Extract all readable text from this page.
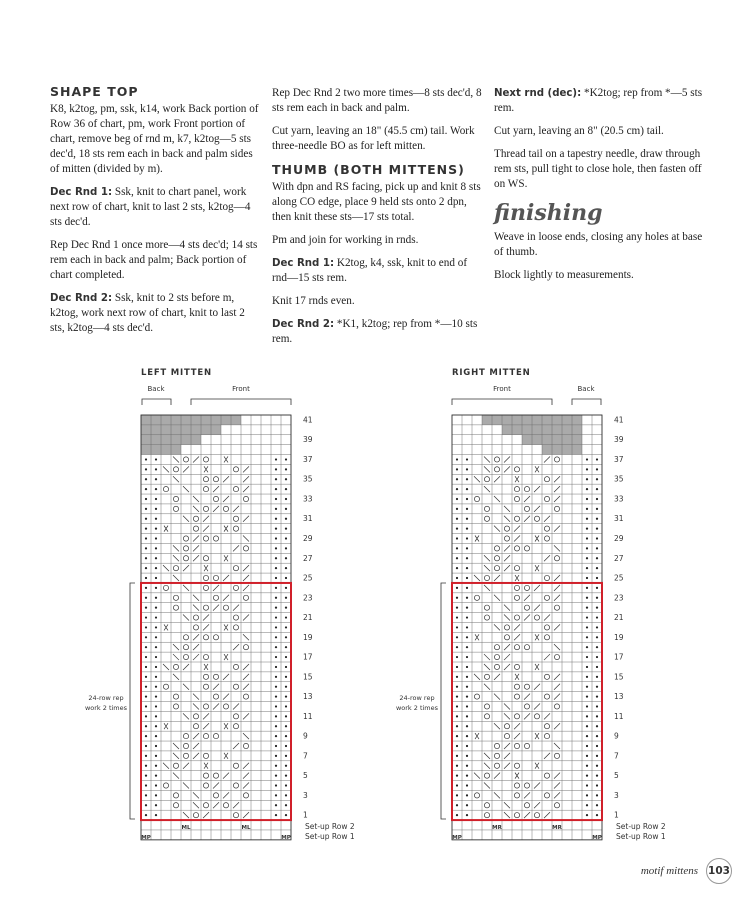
SHAPE TOP

K8, k2tog, pm, ssk, k14, work Back portion of Row 36 of chart, pm, work Front portion of chart, remove beg of rnd m, k7, k2tog—5 sts dec'd, 18 sts rem each in back and palm sides of mitten (divided by m).

Dec Rnd 1: Ssk, knit to chart panel, work next row of chart, knit to last 2 sts, k2tog—4 sts dec'd.

Rep Dec Rnd 1 once more—4 sts dec'd; 14 sts rem each in back and palm; Back portion of chart completed.

Dec Rnd 2: Ssk, knit to 2 sts before m, k2tog, work next row of chart, knit to last 2 sts, k2tog—4 sts dec'd.

Rep Dec Rnd 2 two more times—8 sts dec'd, 8 sts rem each in back and palm.

Cut yarn, leaving an 18" (45.5 cm) tail. Work three-needle BO as for left mitten.

THUMB (BOTH MITTENS)

With dpn and RS facing, pick up and knit 8 sts along CO edge, place 9 held sts onto 2 dpn, then knit these sts—17 sts total.

Pm and join for working in rnds.

Dec Rnd 1: K2tog, k4, ssk, knit to end of rnd—15 sts rem.

Knit 17 rnds even.

Dec Rnd 2: *K1, k2tog; rep from *—10 sts rem.

Next rnd (dec): *K2tog; rep from *—5 sts rem.

Cut yarn, leaving an 8" (20.5 cm) tail.

Thread tail on a tapestry needle, draw through rem sts, pull tight to close hole, then fasten off on WS.

finishing

Weave in loose ends, closing any holes at base of thumb.

Block lightly to measurements.

LEFT MITTEN
Back	Front
24-row rep
work 2 times
ML	ML
MP	MP
41
39
37
35
33
31
29
27
25
23
21
19
17
15
13
11
9
7
5
3
1
Set-up Row 2
Set-up Row 1
RIGHT MITTEN
Front	Back
24-row rep
work 2 times
MR	MR
MP	MP
41
39
37
35
33
31
29
27
25
23
21
19
17
15
13
11
9
7
5
3
1
Set-up Row 2
Set-up Row 1
motif mittens 103
